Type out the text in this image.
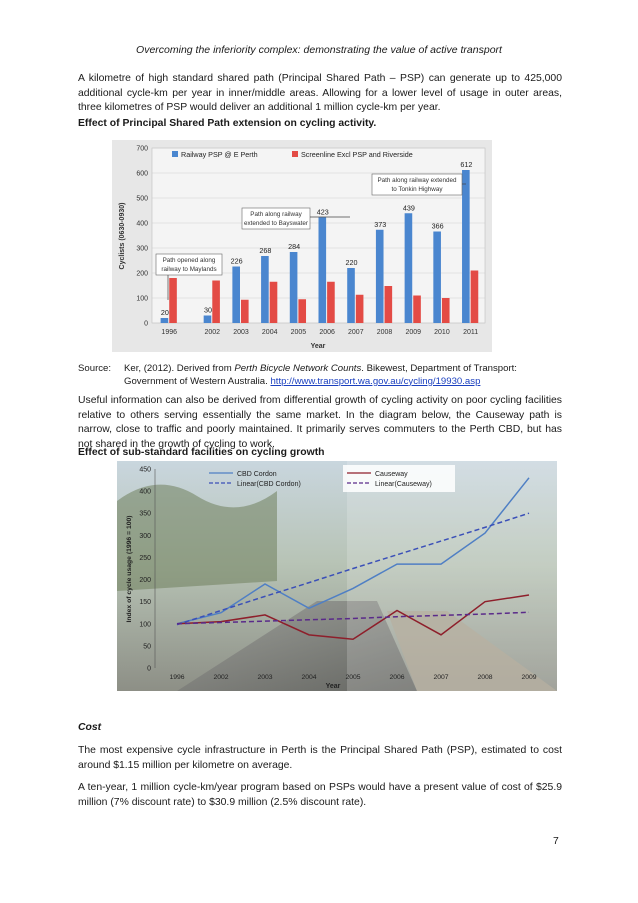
Overcoming the inferiority complex: demonstrating the value of active transport

A kilometre of high standard shared path (Principal Shared Path – PSP) can generate up to 425,000 additional cycle-km per year in inner/middle areas. Allowing for a lower level of usage in outer areas, three kilometres of PSP would deliver an additional 1 million cycle-km per year.

Effect of Principal Shared Path extension on cycling activity.

20	30
226
268 284
423
220
373
439
366
612
0
100
200
300
400
500
600
700
1996	2002 2003 2004 2005 2006 2007 2008 2009 2010 2011
Railway PSP @ E Perth	Screenline Excl PSP and Riverside
Path opened along
railway to Maylands
Path along railway
extended to Bayswater
Path along railway extended
to Tonkin Highway
Cyclists (0630-0930)
Year
Source: Ker, (2012). Derived from Perth Bicycle Network Counts. Bikewest, Department of Transport: Government of Western Australia. http://www.transport.wa.gov.au/cycling/19930.asp

Useful information can also be derived from differential growth of cycling activity on poor cycling facilities relative to others serving essentially the same market. In the diagram below, the Causeway path is narrow, close to traffic and poorly maintained. It primarily serves commuters to the Perth CBD, but has not shared in the growth of cycling to work.

Effect of sub-standard facilities on cycling growth

0
50
100
150
200
250
300
350
400
450
1996	2002	2003	2004	2005	2006	2007	2008	2009
CBD Cordon
Linear(CBD Cordon)
Causeway
Linear(Causeway)
Index of cycle usage (1996 = 100)
Year

Cost

The most expensive cycle infrastructure in Perth is the Principal Shared Path (PSP), estimated to cost around $1.15 million per kilometre on average.

A ten-year, 1 million cycle-km/year program based on PSPs would have a present value of cost of $25.9 million (7% discount rate) to $30.9 million (2.5% discount rate).

7
